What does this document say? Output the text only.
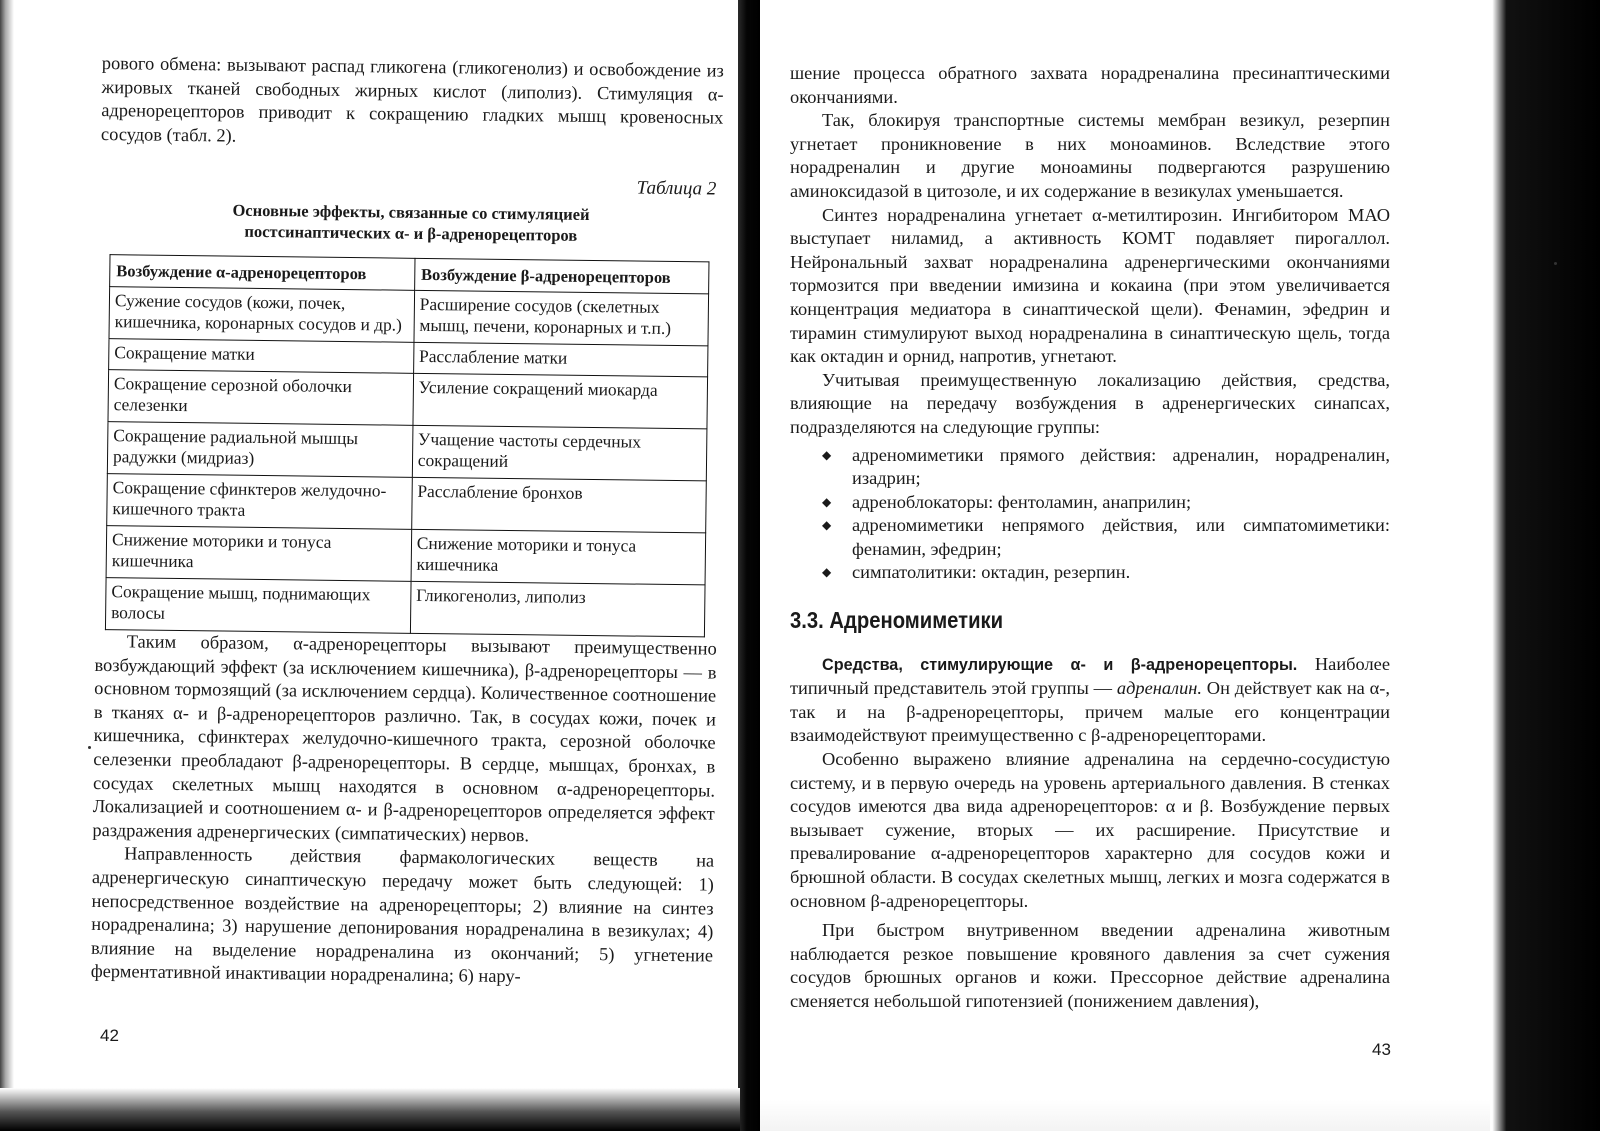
рового обмена: вызывают распад гликогена (гликогенолиз) и освобождение из жировых тканей свободных жирных кислот (липолиз). Стимуляция α-адренорецепторов приводит к сокращению гладких мышц кровеносных сосудов (табл. 2).

Таблица 2
Основные эффекты, связанные со стимуляцией
постсинаптических α- и β-адренорецепторов
Возбуждение α-адренорецепторов	Возбуждение β-адренорецепторов
Сужение сосудов (кожи, почек, кишечника, коронарных сосудов и др.)	Расширение сосудов (скелетных мышц, печени, коронарных и т.п.)
Сокращение матки	Расслабление матки
Сокращение серозной оболочки селезенки	Усиление сокращений миокарда
Сокращение радиальной мышцы радужки (мидриаз)	Учащение частоты сердечных сокращений
Сокращение сфинктеров желудочно-кишечного тракта	Расслабление бронхов
Снижение моторики и тонуса кишечника	Снижение моторики и тонуса кишечника
Сокращение мышц, поднимающих волосы	Гликогенолиз, липолиз

Таким образом, α-адренорецепторы вызывают преимущественно возбуждающий эффект (за исключением кишечника), β-адренорецепторы — в основном тормозящий (за исключением сердца). Количественное соотношение в тканях α- и β-адренорецепторов различно. Так, в сосудах кожи, почек и кишечника, сфинктерах желудочно-кишечного тракта, серозной оболочке селезенки преобладают β-адренорецепторы. В сердце, мышцах, бронхах, в сосудах скелетных мышц находятся в основном α-адренорецепторы. Локализацией и соотношением α- и β-адренорецепторов определяется эффект раздражения адренергических (симпатических) нервов.

Направленность действия фармакологических веществ на адренергическую синаптическую передачу может быть следующей: 1) непосредственное воздействие на адренорецепторы; 2) влияние на синтез норадреналина; 3) нарушение депонирования норадреналина в везикулах; 4) влияние на выделение норадреналина из окончаний; 5) угнетение ферментативной инактивации норадреналина; 6) нару-

42

шение процесса обратного захвата норадреналина пресинаптическими окончаниями.

Так, блокируя транспортные системы мембран везикул, резерпин угнетает проникновение в них моноаминов. Вследствие этого норадреналин и другие моноамины подвергаются разрушению аминоксидазой в цитозоле, и их содержание в везикулах уменьшается.

Синтез норадреналина угнетает α-метилтирозин. Ингибитором МАО выступает ниламид, а активность КОМТ подавляет пирогаллол. Нейрональный захват норадреналина адренергическими окончаниями тормозится при введении имизина и кокаина (при этом увеличивается концентрация медиатора в синаптической щели). Фенамин, эфедрин и тирамин стимулируют выход норадреналина в синаптическую щель, тогда как октадин и орнид, напротив, угнетают.

Учитывая преимущественную локализацию действия, средства, влияющие на передачу возбуждения в адренергических синапсах, подразделяются на следующие группы:

◆ адреномиметики прямого действия: адреналин, норадреналин, изадрин;
◆ адреноблокаторы: фентоламин, анаприлин;
◆ адреномиметики непрямого действия, или симпатомиметики: фенамин, эфедрин;
◆ симпатолитики: октадин, резерпин.
3.3. Адреномиметики

Средства, стимулирующие α- и β-адренорецепторы. Наиболее типичный представитель этой группы — адреналин. Он действует как на α-, так и на β-адренорецепторы, причем малые его концентрации взаимодействуют преимущественно с β-адренорецепторами.

Особенно выражено влияние адреналина на сердечно-сосудистую систему, и в первую очередь на уровень артериального давления. В стенках сосудов имеются два вида адренорецепторов: α и β. Возбуждение первых вызывает сужение, вторых — их расширение. Присутствие и превалирование α-адренорецепторов характерно для сосудов кожи и брюшной области. В сосудах скелетных мышц, легких и мозга содержатся в основном β-адренорецепторы.

При быстром внутривенном введении адреналина животным наблюдается резкое повышение кровяного давления за счет сужения сосудов брюшных органов и кожи. Прессорное действие адреналина сменяется небольшой гипотензией (понижением давления),

43
